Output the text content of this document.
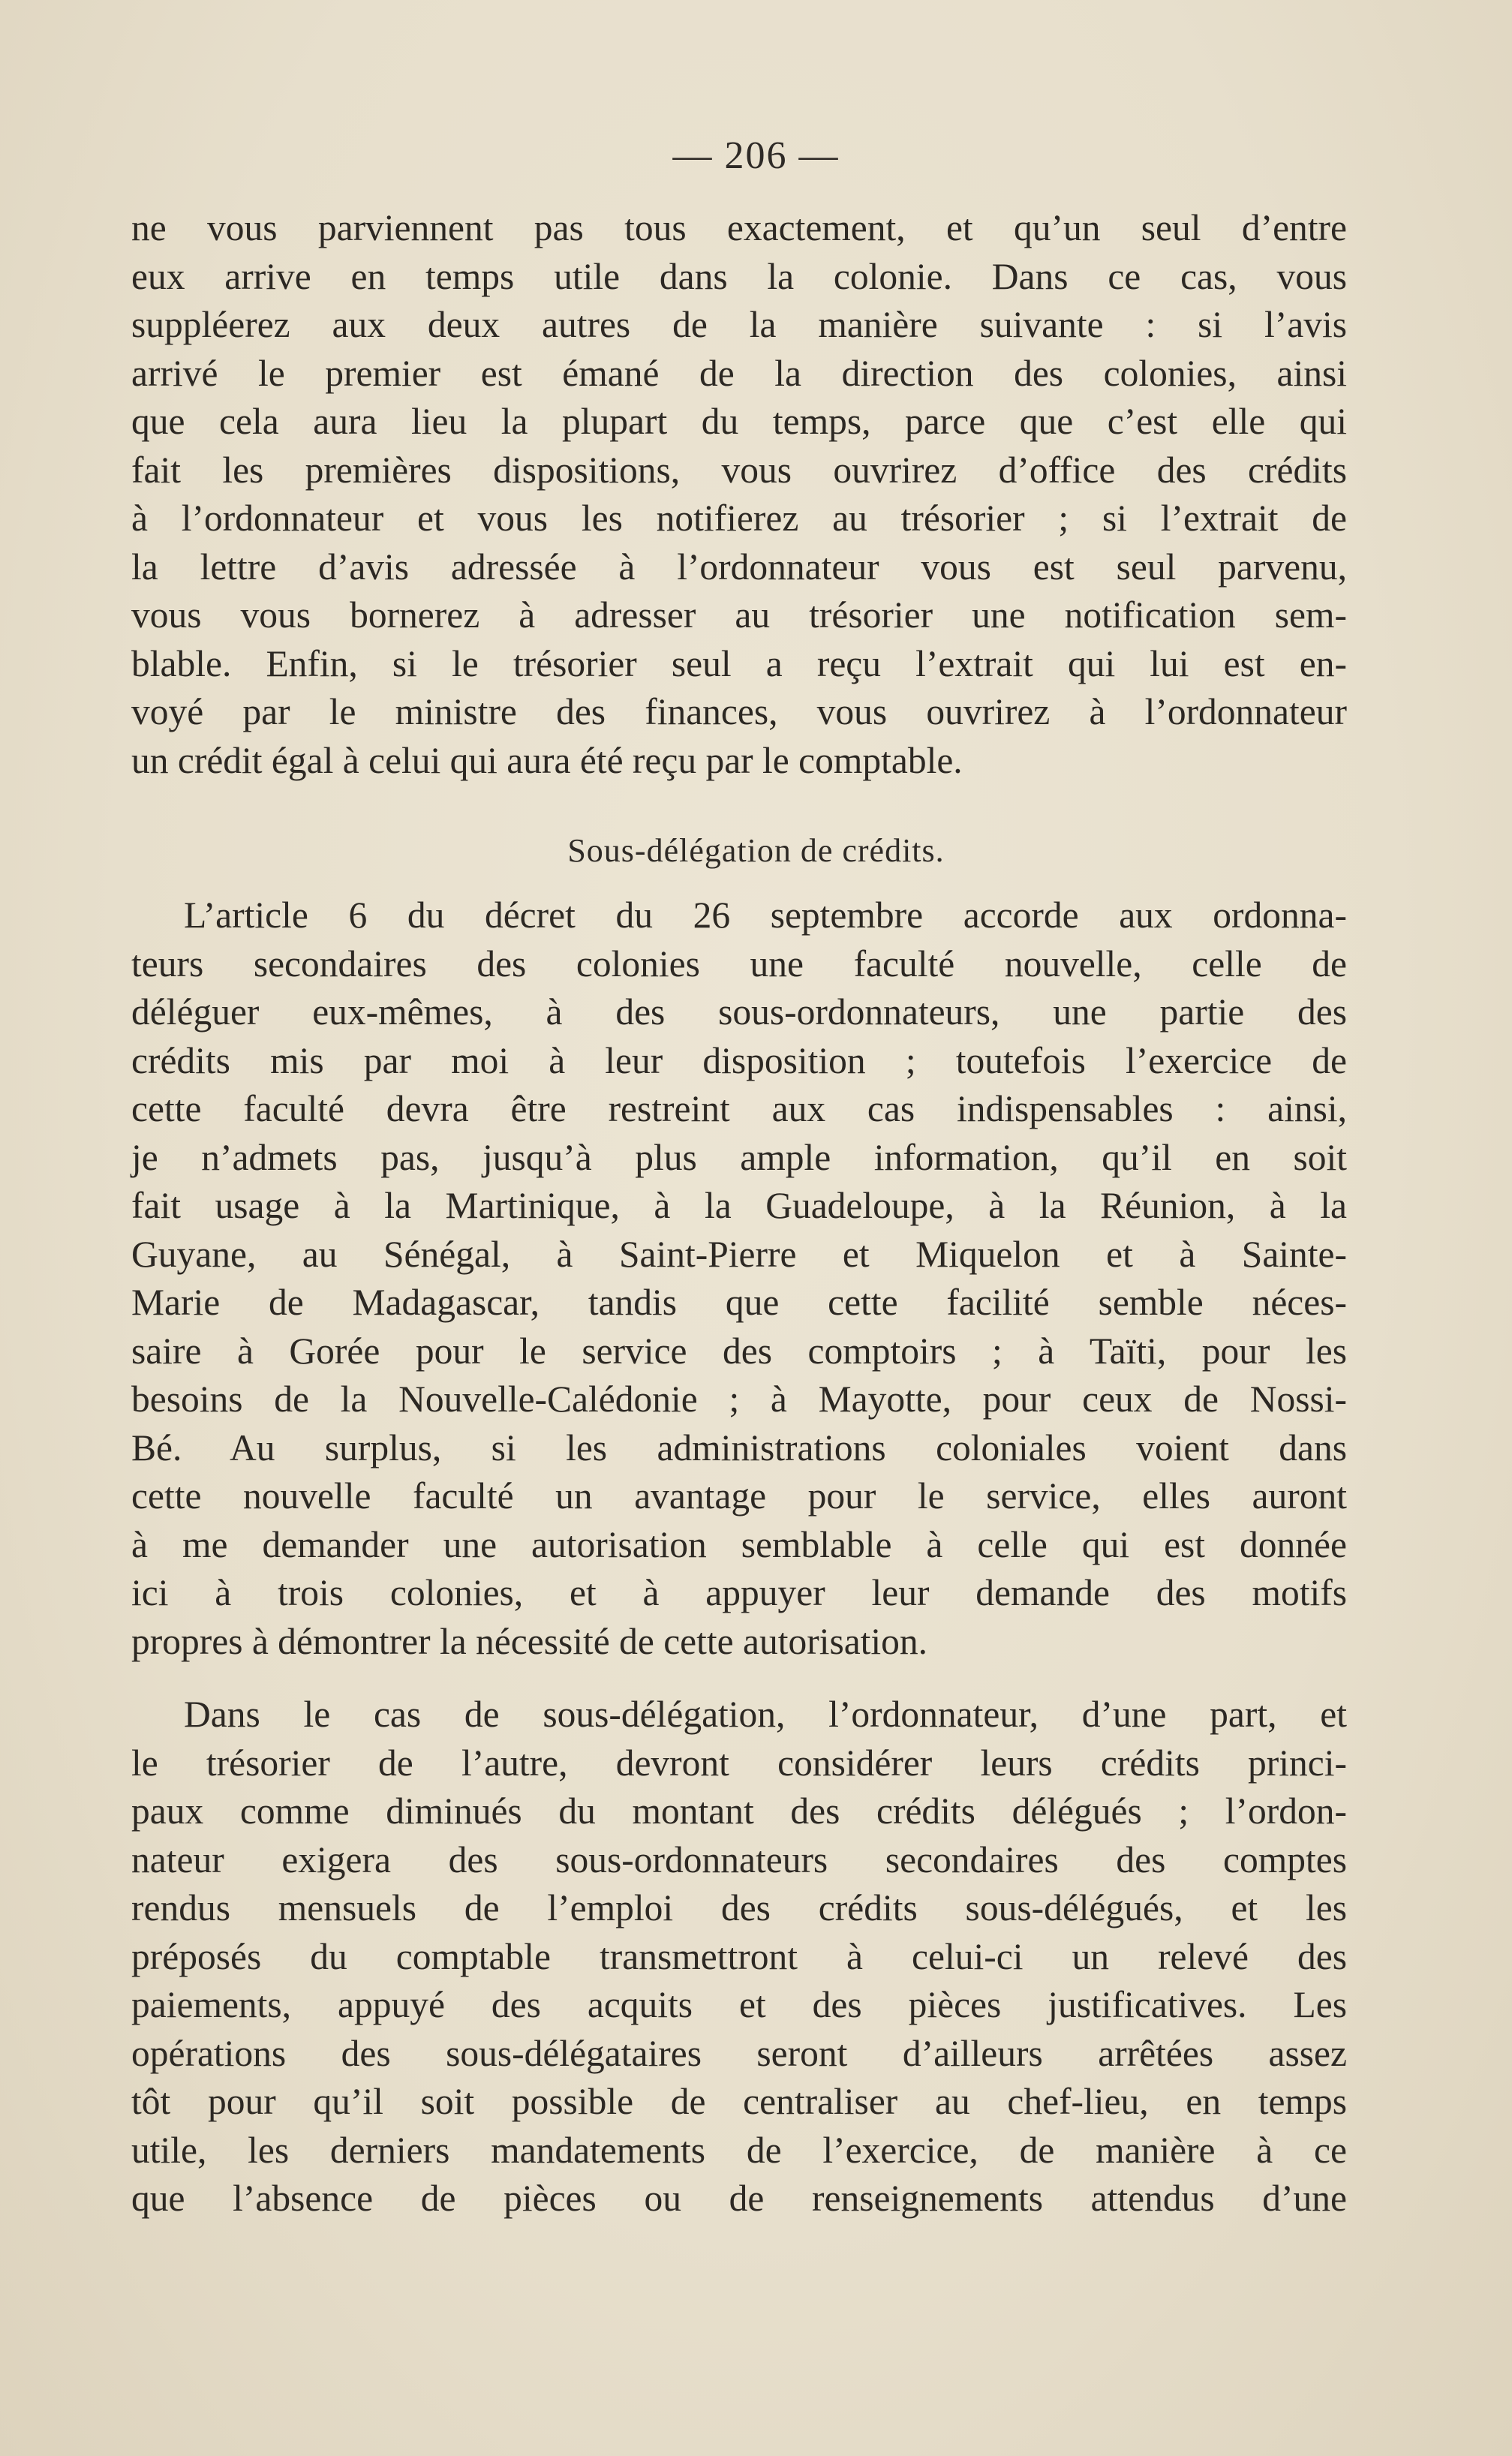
— 206 —
ne vous parviennent pas tous exactement, et qu’un seul d’entre
eux arrive en temps utile dans la colonie. Dans ce cas, vous
suppléerez aux deux autres de la manière suivante : si l’avis
arrivé le premier est émané de la direction des colonies, ainsi
que cela aura lieu la plupart du temps, parce que c’est elle qui
fait les premières dispositions, vous ouvrirez d’office des crédits
à l’ordonnateur et vous les notifierez au trésorier ; si l’extrait de
la lettre d’avis adressée à l’ordonnateur vous est seul parvenu,
vous vous bornerez à adresser au trésorier une notification sem-
blable. Enfin, si le trésorier seul a reçu l’extrait qui lui est en-
voyé par le ministre des finances, vous ouvrirez à l’ordonnateur
un crédit égal à celui qui aura été reçu par le comptable.
Sous-délégation de crédits.
L’article 6 du décret du 26 septembre accorde aux ordonna-
teurs secondaires des colonies une faculté nouvelle, celle de
déléguer eux-mêmes, à des sous-ordonnateurs, une partie des
crédits mis par moi à leur disposition ; toutefois l’exercice de
cette faculté devra être restreint aux cas indispensables : ainsi,
je n’admets pas, jusqu’à plus ample information, qu’il en soit
fait usage à la Martinique, à la Guadeloupe, à la Réunion, à la
Guyane, au Sénégal, à Saint-Pierre et Miquelon et à Sainte-
Marie de Madagascar, tandis que cette facilité semble néces-
saire à Gorée pour le service des comptoirs ; à Taïti, pour les
besoins de la Nouvelle-Calédonie ; à Mayotte, pour ceux de Nossi-
Bé. Au surplus, si les administrations coloniales voient dans
cette nouvelle faculté un avantage pour le service, elles auront
à me demander une autorisation semblable à celle qui est donnée
ici à trois colonies, et à appuyer leur demande des motifs
propres à démontrer la nécessité de cette autorisation.
Dans le cas de sous-délégation, l’ordonnateur, d’une part, et
le trésorier de l’autre, devront considérer leurs crédits princi-
paux comme diminués du montant des crédits délégués ; l’ordon-
nateur exigera des sous-ordonnateurs secondaires des comptes
rendus mensuels de l’emploi des crédits sous-délégués, et les
préposés du comptable transmettront à celui-ci un relevé des
paiements, appuyé des acquits et des pièces justificatives. Les
opérations des sous-délégataires seront d’ailleurs arrêtées assez
tôt pour qu’il soit possible de centraliser au chef-lieu, en temps
utile, les derniers mandatements de l’exercice, de manière à ce
que l’absence de pièces ou de renseignements attendus d’une
